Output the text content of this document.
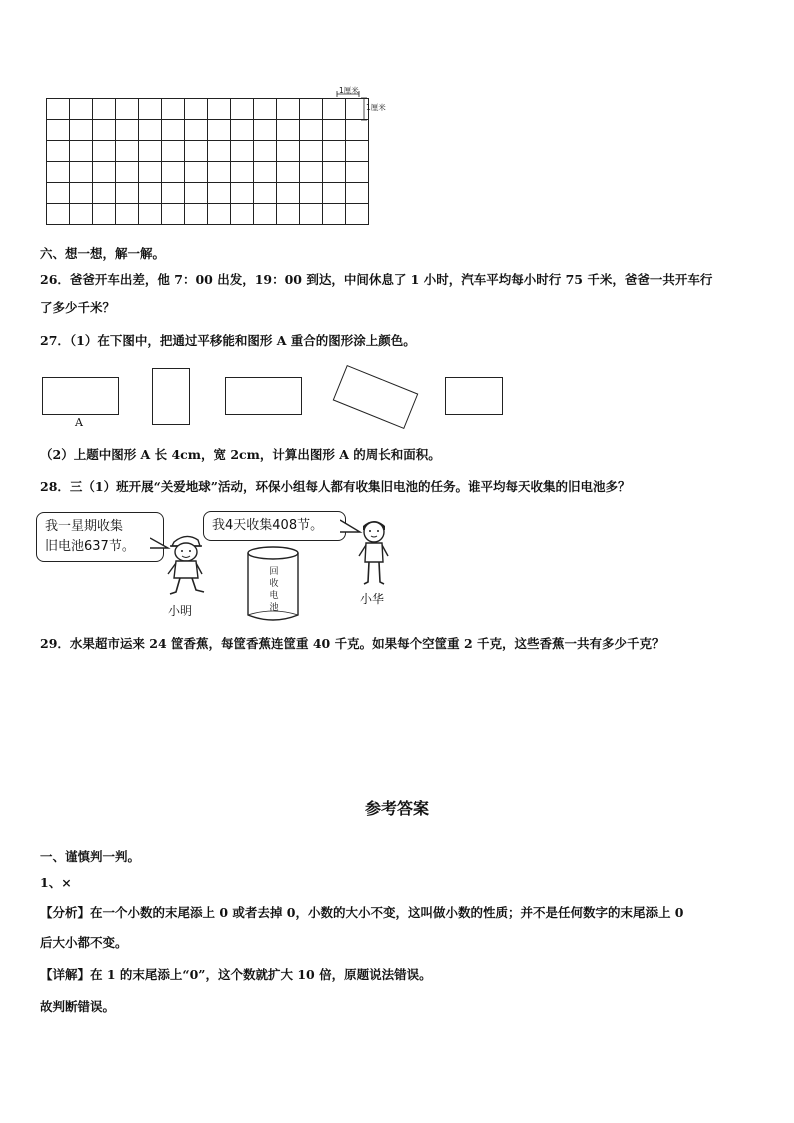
1厘米
1厘米
六、想一想，解一解。
26．爸爸开车出差，他 7：00 出发，19：00 到达，中间休息了 1 小时，汽车平均每小时行 75 千米，爸爸一共开车行
了多少千米？
27．（1）在下图中，把通过平移能和图形 A 重合的图形涂上颜色。
A
（2）上题中图形 A 长 4cm，宽 2cm，计算出图形 A 的周长和面积。
28．三（1）班开展“关爱地球”活动，环保小组每人都有收集旧电池的任务。谁平均每天收集的旧电池多？
我一星期收集
旧电池637节。
我4天收集408节。
小明
回
收
电
池
小华
29．水果超市运来 24 筐香蕉，每筐香蕉连筐重 40 千克。如果每个空筐重 2 千克，这些香蕉一共有多少千克？
参考答案
一、谨慎判一判。
1、×
【分析】在一个小数的末尾添上 0 或者去掉 0，小数的大小不变，这叫做小数的性质；并不是任何数字的末尾添上 0
后大小都不变。
【详解】在 1 的末尾添上“0”，这个数就扩大 10 倍，原题说法错误。
故判断错误。
